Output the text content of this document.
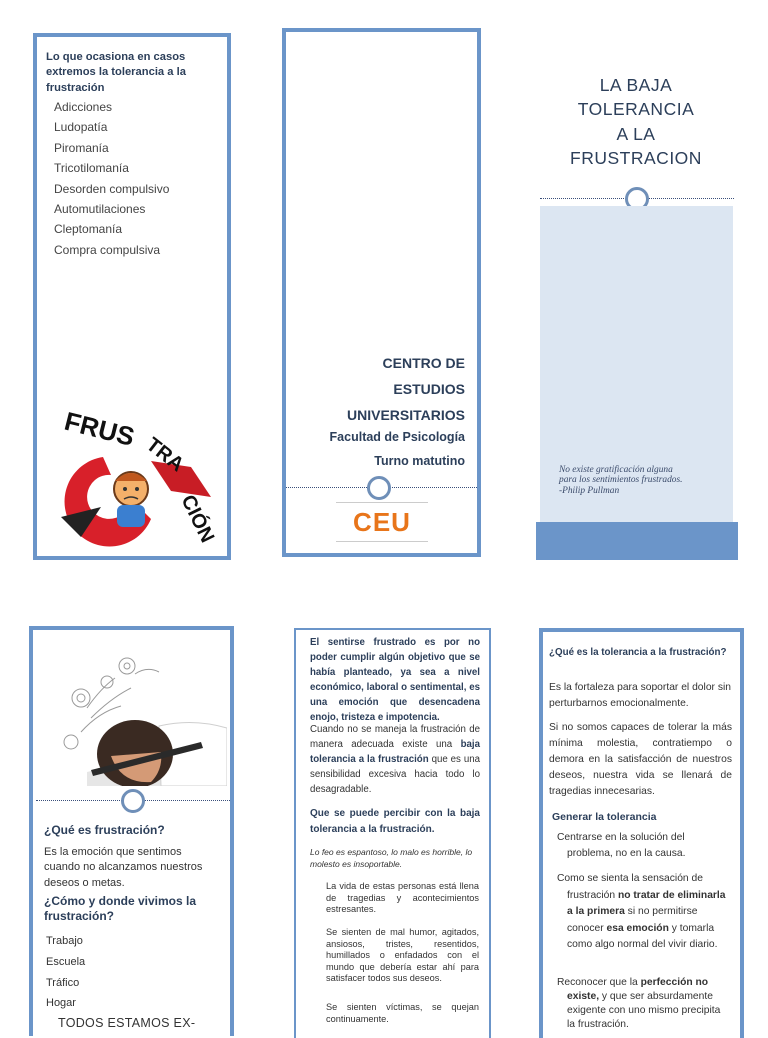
Lo que ocasiona en casos extremos la tolerancia a la frustración

Adicciones
Ludopatía
Piromanía
Tricotilomanía
Desorden compulsivo
Automutilaciones
Cleptomanía
Compra compulsiva
FRUS
TRA
CIÓN
CENTRO DE
ESTUDIOS
UNIVERSITARIOS
Facultad de Psicología
Turno matutino
CEU
LA BAJA
TOLERANCIA
A LA
FRUSTRACION
No existe gratificación alguna
para los sentimientos frustrados.
-Philip Pullman
¿Qué es frustración?

Es la emoción que sentimos cuando no alcanzamos nuestros deseos o metas.

¿Cómo y donde vivimos la frustración?

Trabajo
Escuela
Tráfico
Hogar
TODOS ESTAMOS EX-

El sentirse frustrado es por no poder cumplir algún objetivo que se había planteado, ya sea a nivel económico, laboral o sentimental, es una emoción que desencadena enojo, tristeza e impotencia.

Cuando no se maneja la frustración de manera adecuada existe una baja tolerancia a la frustración que es una sensibilidad excesiva hacia todo lo desagradable.

Que se puede percibir con la baja tolerancia a la frustración.

Lo feo es espantoso, lo malo es horrible, lo molesto es insoportable.

La vida de estas personas está llena de tragedias y acontecimientos estresantes.

Se sienten de mal humor, agitados, ansiosos, tristes, resentidos, humillados o enfadados con el mundo que debería estar ahí para satisfacer todos sus deseos.

Se sienten víctimas, se quejan continuamente.

¿Qué es la tolerancia a la frustración?

Es la fortaleza para soportar el dolor sin perturbarnos emocionalmente.

Si no somos capaces de tolerar la más mínima molestia, contratiempo o demora en la satisfacción de nuestros deseos, nuestra vida se llenará de tragedias innecesarias.

Generar la tolerancia

Centrarse en la solución del problema, no en la causa.

Como se sienta la sensación de frustración no tratar de eliminarla a la primera si no permitirse conocer esa emoción y tomarla como algo normal del vivir diario.

Reconocer que la perfección no existe, y que ser absurdamente exigente con uno mismo precipita la frustración.
